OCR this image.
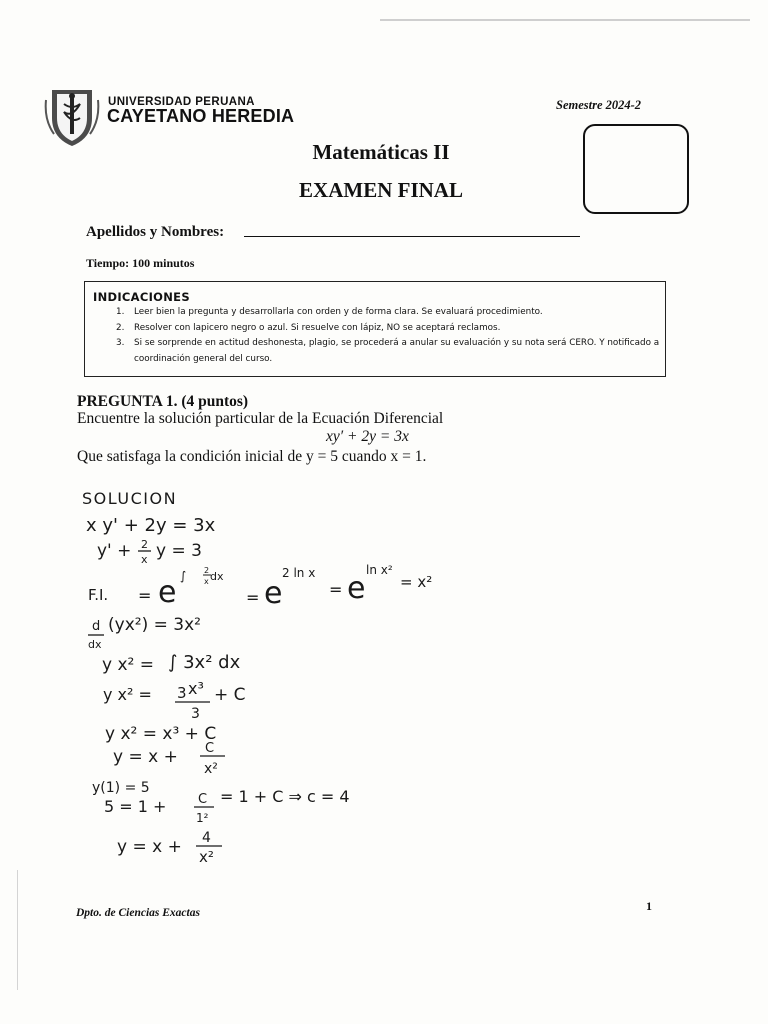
UNIVERSIDAD PERUANA
CAYETANO HEREDIA
Semestre 2024-2
Matemáticas II
EXAMEN FINAL
Apellidos y Nombres:
Tiempo: 100 minutos
INDICACIONES
1. Leer bien la pregunta y desarrollarla con orden y de forma clara. Se evaluará procedimiento.
2. Resolver con lapicero negro o azul. Si resuelve con lápiz, NO se aceptará reclamos.
3. Si se sorprende en actitud deshonesta, plagio, se procederá a anular su evaluación y su nota será CERO. Y notificado a coordinación general del curso.
PREGUNTA 1. (4 puntos)
Encuentre la solución particular de la Ecuación Diferencial
xy′ + 2y = 3x
Que satisfaga la condición inicial de y = 5 cuando x = 1.
SOLUCION
x y' + 2y = 3x
y' + 2
x y = 3
F.I. = e ∫ 2
x dx
= e
2 ln x
= e
ln x²
= x²
d
dx
(yx²) = 3x²
y x² = ∫ 3x² dx
y x² = 3 x³
3
+ C
y x² = x³ + C
y = x + C
x²
y(1) = 5
5 = 1 + C
1²
= 1 + C ⇒ c = 4
y = x + 4
x²
Dpto. de Ciencias Exactas	1
